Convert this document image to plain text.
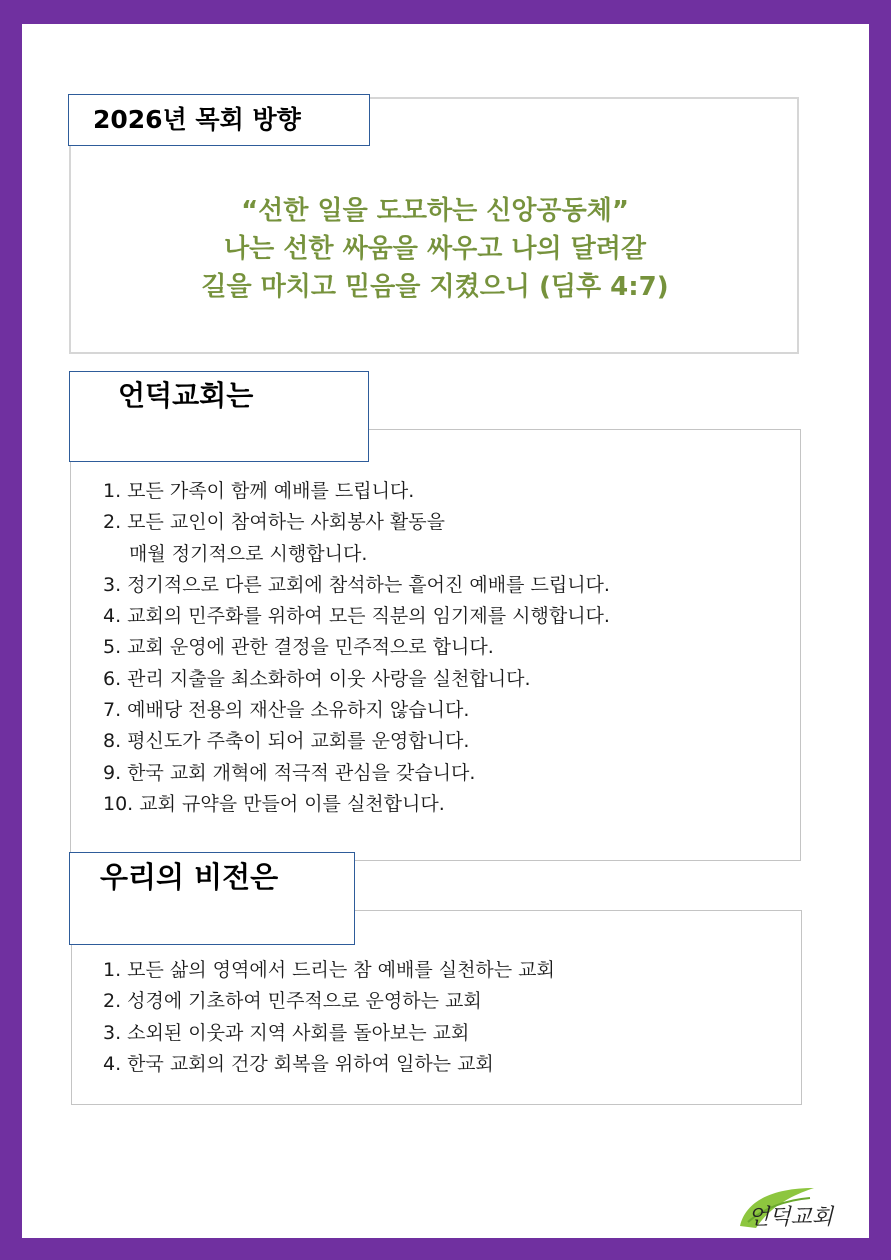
2026년 목회 방향
“선한 일을 도모하는 신앙공동체”
나는 선한 싸움을 싸우고 나의 달려갈
길을 마치고 믿음을 지켰으니 (딤후 4:7)
언덕교회는
1. 모든 가족이 함께 예배를 드립니다.
2. 모든 교인이 참여하는 사회봉사 활동을
매월 정기적으로 시행합니다.
3. 정기적으로 다른 교회에 참석하는 흩어진 예배를 드립니다.
4. 교회의 민주화를 위하여 모든 직분의 임기제를 시행합니다.
5. 교회 운영에 관한 결정을 민주적으로 합니다.
6. 관리 지출을 최소화하여 이웃 사랑을 실천합니다.
7. 예배당 전용의 재산을 소유하지 않습니다.
8. 평신도가 주축이 되어 교회를 운영합니다.
9. 한국 교회 개혁에 적극적 관심을 갖습니다.
10. 교회 규약을 만들어 이를 실천합니다.
우리의 비전은
1. 모든 삶의 영역에서 드리는 참 예배를 실천하는 교회
2. 성경에 기초하여 민주적으로 운영하는 교회
3. 소외된 이웃과 지역 사회를 돌아보는 교회
4. 한국 교회의 건강 회복을 위하여 일하는 교회
언덕교회
